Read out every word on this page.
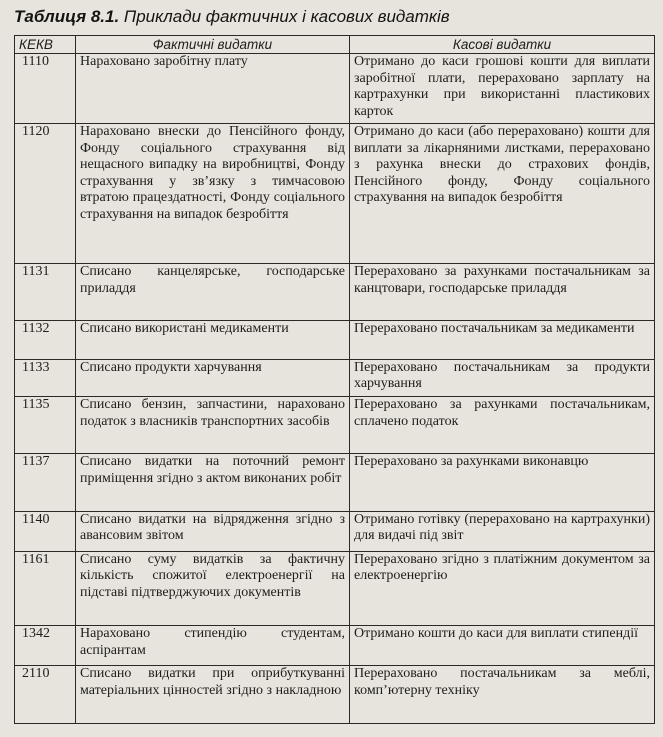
Таблиця 8.1. Приклади фактичних і касових видатків
КЕКВ	Фактичні видатки	Касові видатки
1110	Нараховано заробітну плату	Отримано до каси грошові кошти для виплати заробітної плати, перераховано зарплату на картрахунки при використанні пластикових карток
1120	Нараховано внески до Пенсійного фонду, Фонду соціального страхування від нещасного випадку на виробництві, Фонду страхування у зв’язку з тимчасовою втратою працездатності, Фонду соціального страхування на випадок безробіття	Отримано до каси (або перераховано) кошти для виплати за лікарняними листками, перераховано з рахунка внески до страхових фондів, Пенсійного фонду, Фонду соціального страхування на випадок безробіття
1131	Списано канцелярське, господарське приладдя	Перераховано за рахунками постачальникам за канцтовари, господарське приладдя
1132	Списано використані медикаменти	Перераховано постачальникам за медикаменти
1133	Списано продукти харчування	Перераховано постачальникам за продукти харчування
1135	Списано бензин, запчастини, нараховано податок з власників транспортних засобів	Перераховано за рахунками постачальникам, сплачено податок
1137	Списано видатки на поточний ремонт приміщення згідно з актом виконаних робіт	Перераховано за рахунками виконавцю
1140	Списано видатки на відрядження згідно з авансовим звітом	Отримано готівку (перераховано на картрахунки) для видачі під звіт
1161	Списано суму видатків за фактичну кількість спожитої електроенергії на підставі підтверджуючих документів	Перераховано згідно з платіжним документом за електроенергію
1342	Нараховано стипендію студентам, аспірантам	Отримано кошти до каси для виплати стипендії
2110	Списано видатки при оприбуткуванні матеріальних цінностей згідно з накладною	Перераховано постачальникам за меблі, комп’ютерну техніку
